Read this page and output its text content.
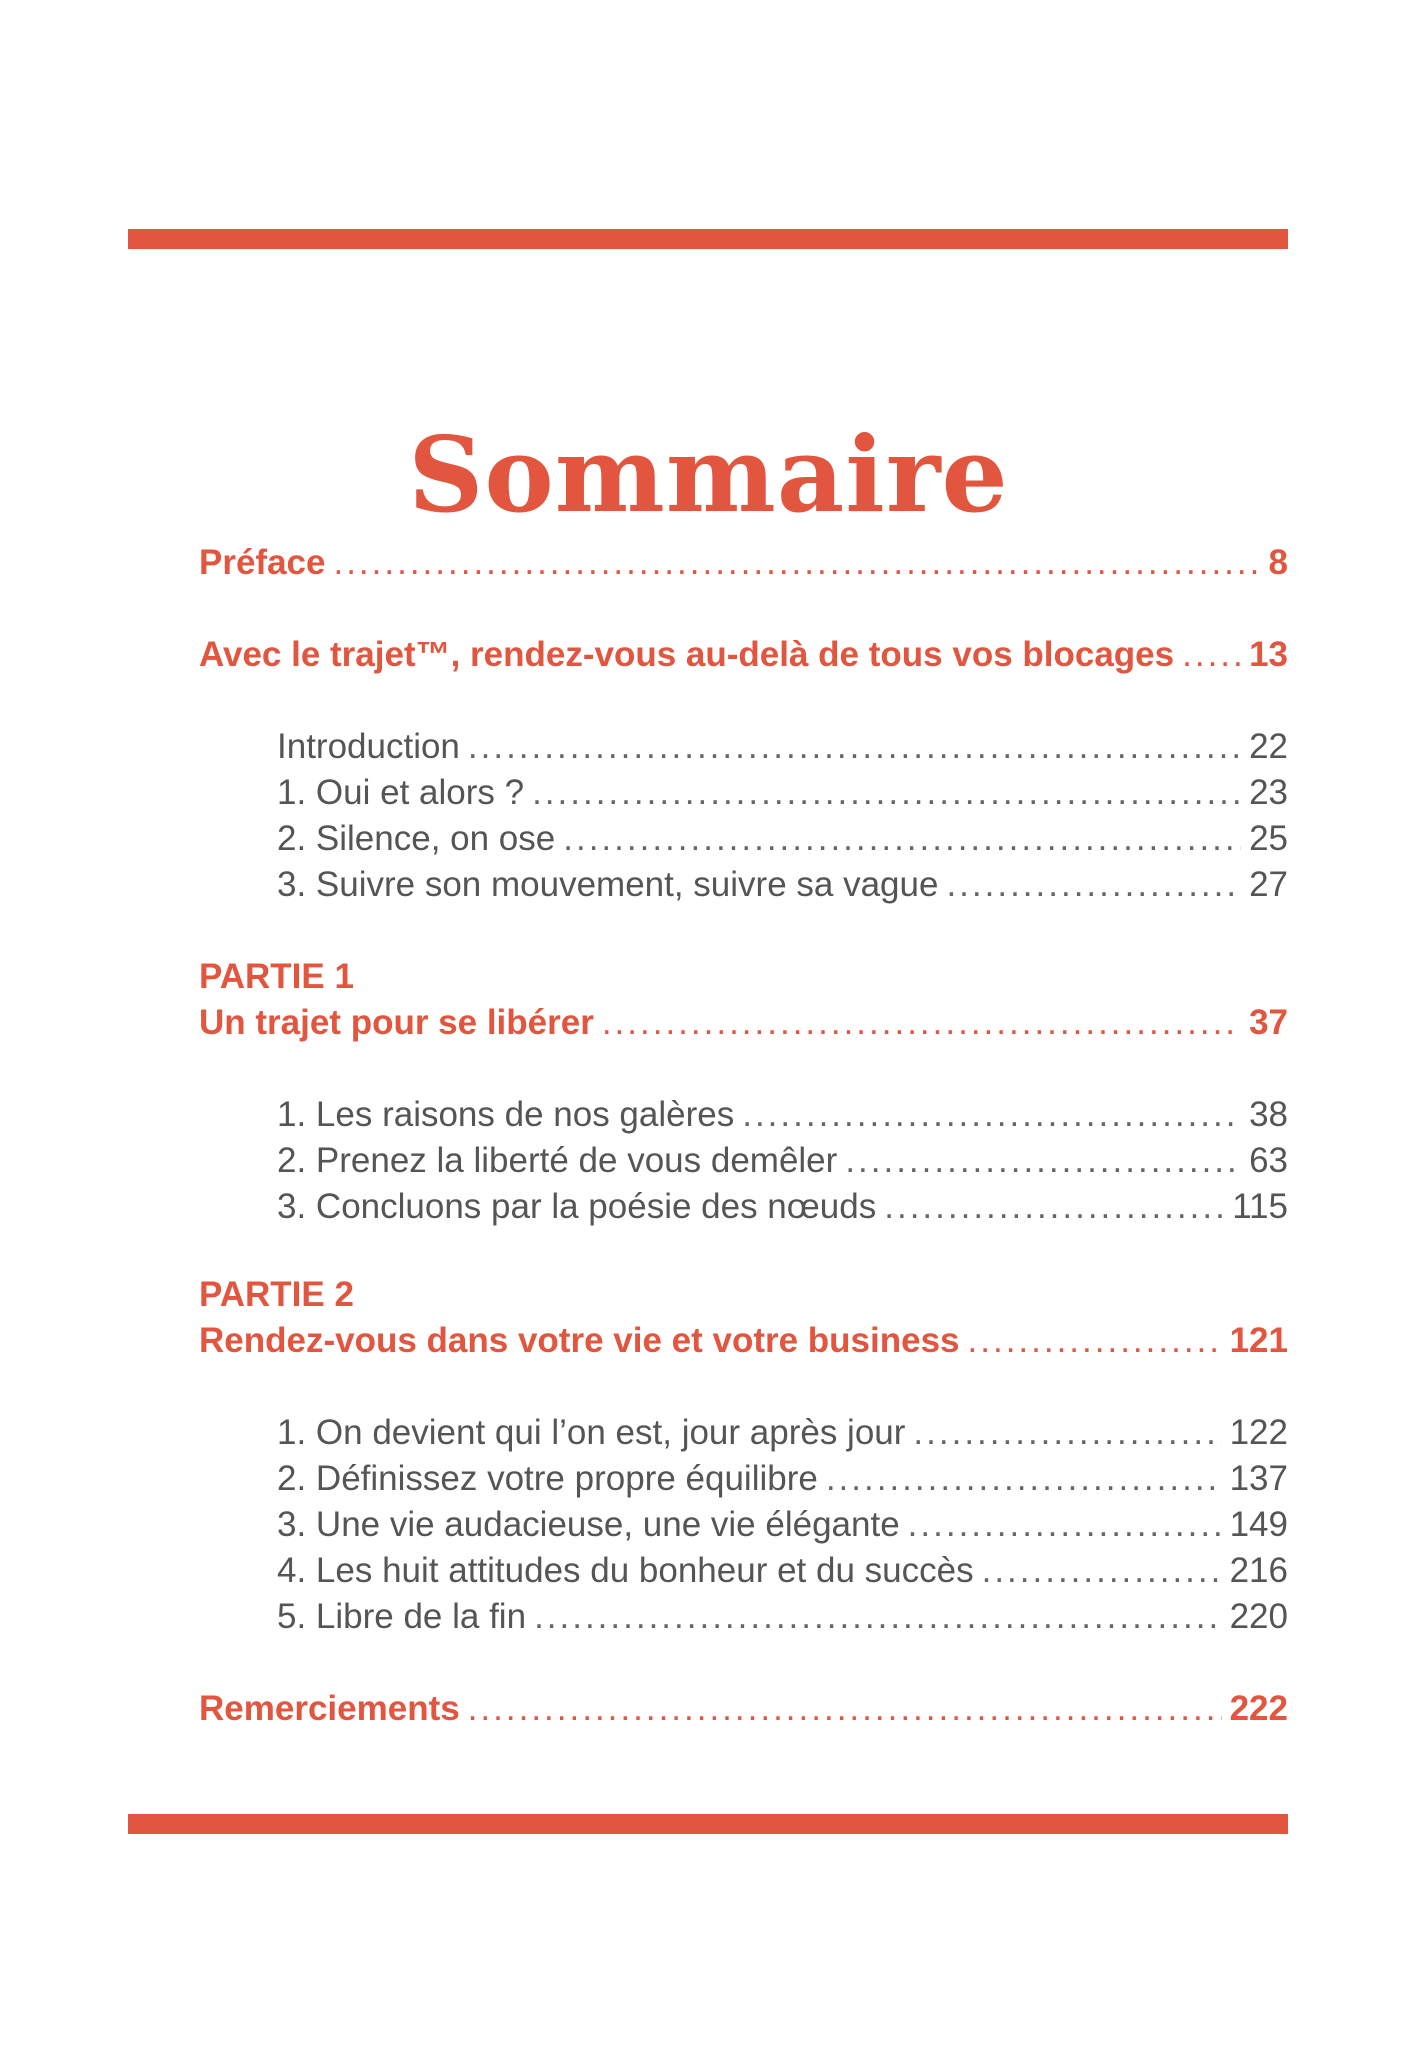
Sommaire
Préface .....	8
Avec le trajet™, rendez-vous au-delà de tous vos blocages ..... 13
Introduction .....	22
1. Oui et alors ? .....	23
2. Silence, on ose .....	25
3. Suivre son mouvement, suivre sa vague .....	27
PARTIE 1
Un trajet pour se libérer .....	37
1. Les raisons de nos galères .....	38
2. Prenez la liberté de vous demêler .....	63
3. Concluons par la poésie des nœuds .....	115
PARTIE 2
Rendez-vous dans votre vie et votre business .....	121
1. On devient qui l’on est, jour après jour .....	122
2. Définissez votre propre équilibre .....	137
3. Une vie audacieuse, une vie élégante .....	149
4. Les huit attitudes du bonheur et du succès .....	216
5. Libre de la fin .....	220
Remerciements .....	222
